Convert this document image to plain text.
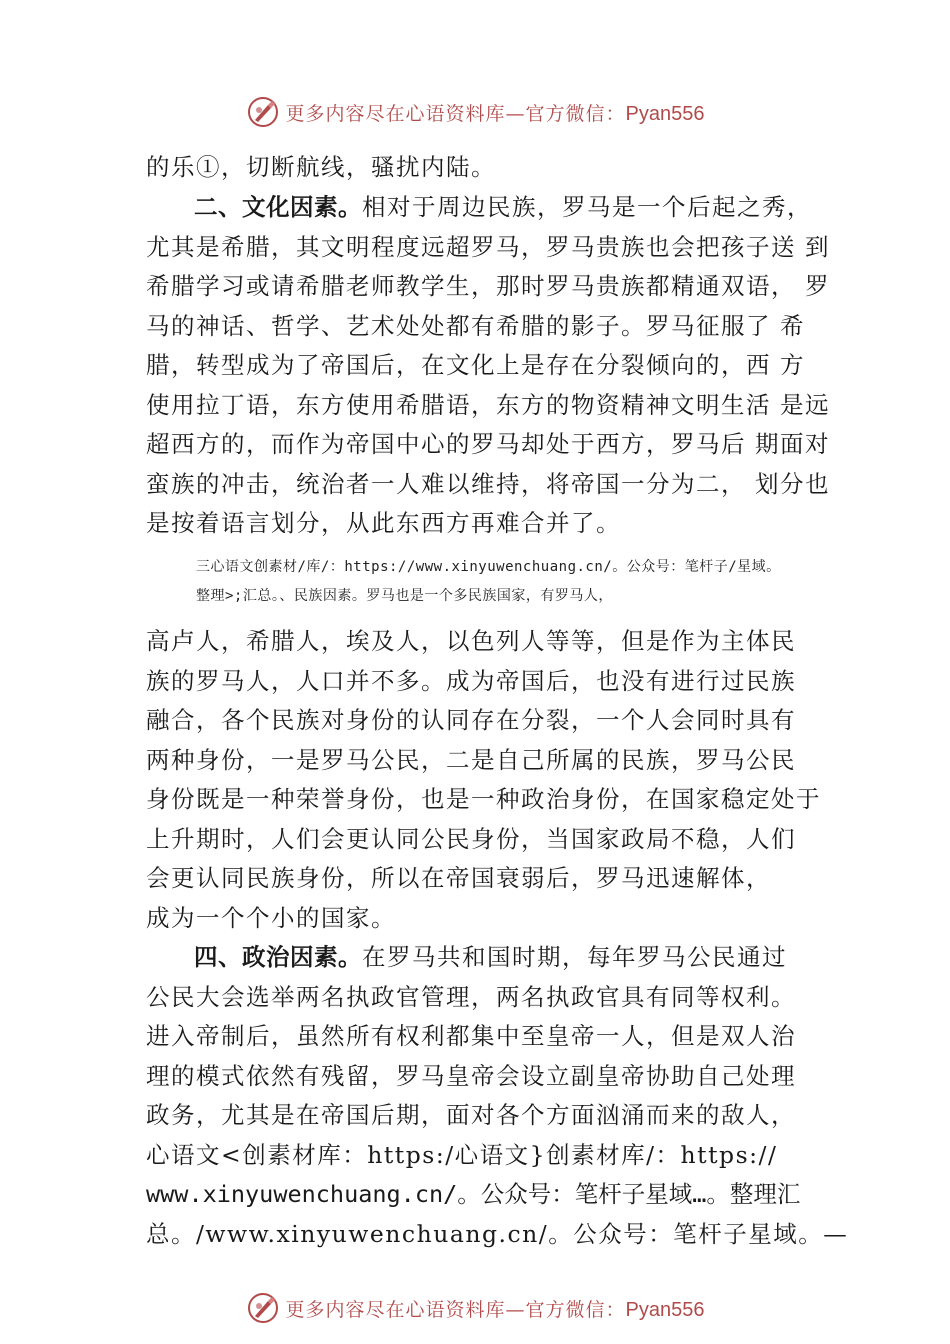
更多内容尽在心语资料库—官方微信：Pyan556

的乐①，切断航线，骚扰内陆。

二、文化因素。相对于周边民族，罗马是一个后起之秀，
尤其是希腊，其文明程度远超罗马，罗马贵族也会把孩子送 到
希腊学习或请希腊老师教学生，那时罗马贵族都精通双语， 罗
马的神话、哲学、艺术处处都有希腊的影子。罗马征服了 希
腊，转型成为了帝国后，在文化上是存在分裂倾向的，西 方
使用拉丁语，东方使用希腊语，东方的物资精神文明生活 是远
超西方的，而作为帝国中心的罗马却处于西方，罗马后 期面对
蛮族的冲击，统治者一人难以维持，将帝国一分为二， 划分也
是按着语言划分，从此东西方再难合并了。

三心语文创素材/库/：https://www.xinyuwenchuang.cn/。公众号：笔杆子/星域。
整理>;汇总。、民族因素。罗马也是一个多民族国家，有罗马人，

高卢人，希腊人，埃及人，以色列人等等，但是作为主体民
族的罗马人，人口并不多。成为帝国后，也没有进行过民族
融合，各个民族对身份的认同存在分裂，一个人会同时具有
两种身份，一是罗马公民，二是自己所属的民族，罗马公民
身份既是一种荣誉身份，也是一种政治身份，在国家稳定处于
上升期时，人们会更认同公民身份，当国家政局不稳，人们
会更认同民族身份，所以在帝国衰弱后，罗马迅速解体，
成为一个个小的国家。

四、政治因素。在罗马共和国时期，每年罗马公民通过
公民大会选举两名执政官管理，两名执政官具有同等权利。
进入帝制后，虽然所有权利都集中至皇帝一人，但是双人治
理的模式依然有残留，罗马皇帝会设立副皇帝协助自己处理
政务，尤其是在帝国后期，面对各个方面汹涌而来的敌人，
心语文<创素材库：https:/心语文}创素材库/：https://
www.xinyuwenchuang.cn/。公众号：笔杆子星域…。整理汇
总。/www.xinyuwenchuang.cn/。公众号：笔杆子星域。—

更多内容尽在心语资料库—官方微信：Pyan556
